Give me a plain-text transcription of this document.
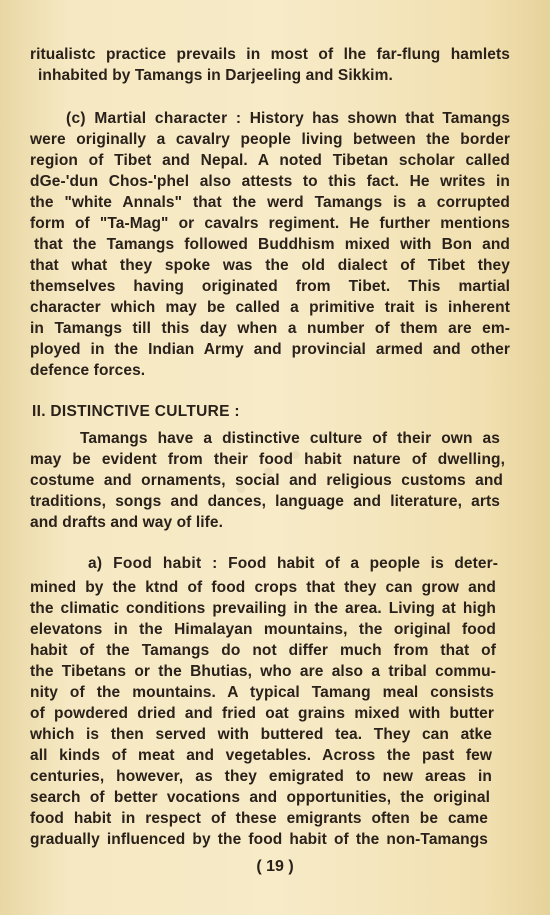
· · · ·
ritualistc practice prevails in most of lhe far-flung hamlets
inhabited by Tamangs in Darjeeling and Sikkim.
(c) Martial character : History has shown that Tamangs
were originally a cavalry people living between the border
region of Tibet and Nepal. A noted Tibetan scholar called
dGe-'dun Chos-'phel also attests to this fact. He writes in
the "white Annals" that the werd Tamangs is a corrupted
form of "Ta-Mag" or cavalrs regiment. He further mentions
that the Tamangs followed Buddhism mixed with Bon and
that what they spoke was the old dialect of Tibet they
themselves having originated from Tibet. This martial
character which may be called a primitive trait is inherent
in Tamangs till this day when a number of them are em-
ployed in the Indian Army and provincial armed and other
defence forces.
II. DISTINCTIVE CULTURE :
Tamangs have a distinctive culture of their own as
may be evident from their food habit nature of dwelling,
costume and ornaments, social and religious customs and
traditions, songs and dances, language and literature, arts
and drafts and way of life.
a) Food habit : Food habit of a people is deter-
mined by the ktnd of food crops that they can grow and
the climatic conditions prevailing in the area. Living at high
elevatons in the Himalayan mountains, the original food
habit of the Tamangs do not differ much from that of
the Tibetans or the Bhutias, who are also a tribal commu-
nity of the mountains. A typical Tamang meal consists
of powdered dried and fried oat grains mixed with butter
which is then served with buttered tea. They can atke
all kinds of meat and vegetables. Across the past few
centuries, however, as they emigrated to new areas in
search of better vocations and opportunities, the original
food habit in respect of these emigrants often be came
gradually influenced by the food habit of the non-Tamangs
( 19 )
